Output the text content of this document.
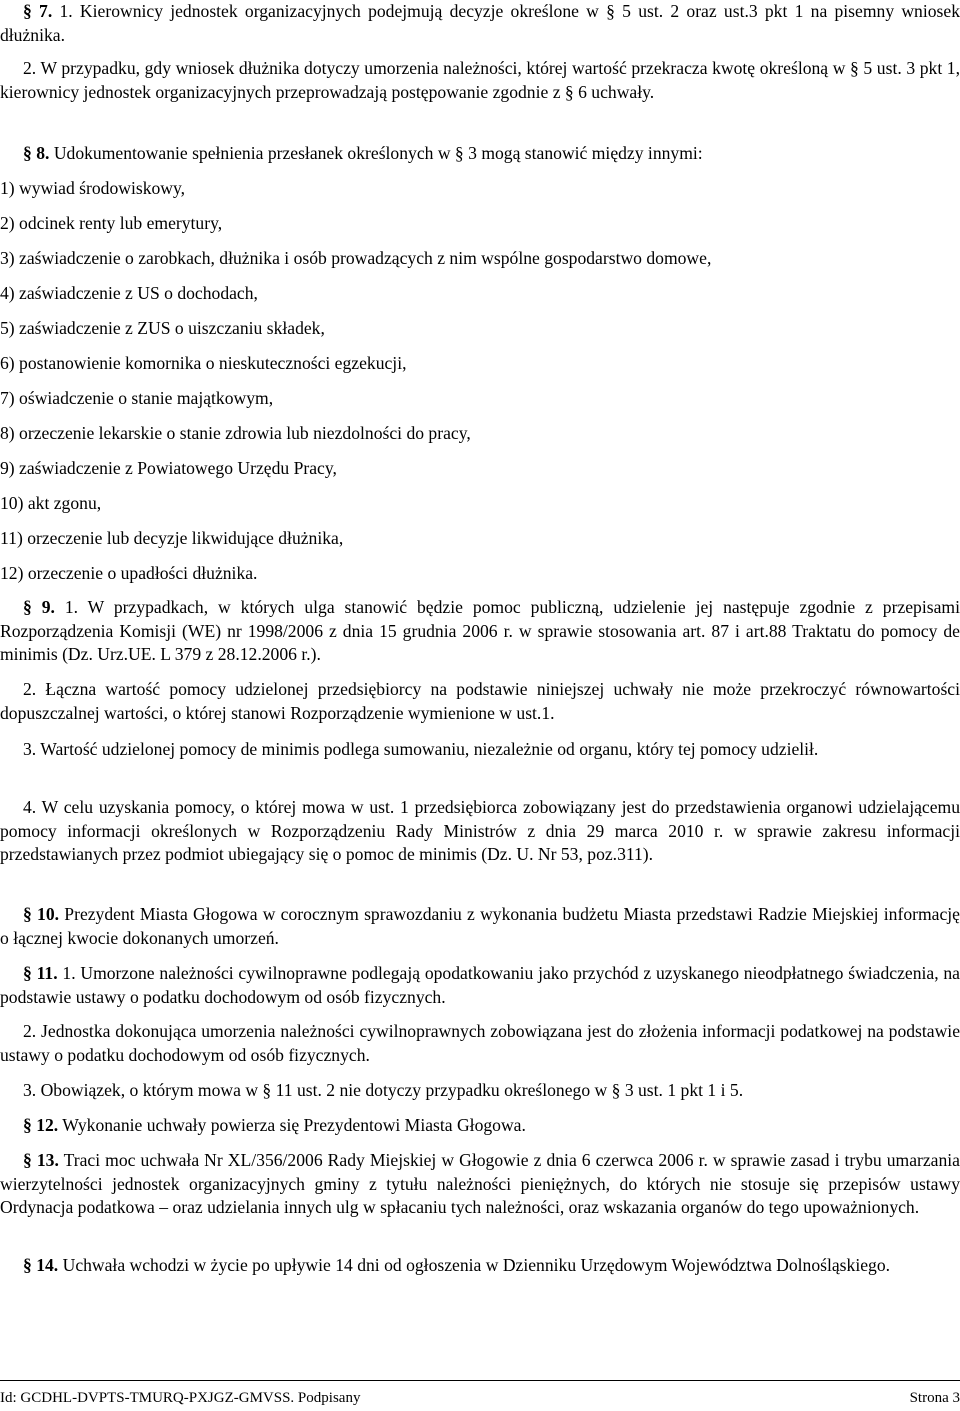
§ 7. 1. Kierownicy jednostek organizacyjnych podejmują decyzje określone w § 5 ust. 2 oraz ust.3 pkt 1 na pisemny wniosek dłużnika.

2. W przypadku, gdy wniosek dłużnika dotyczy umorzenia należności, której wartość przekracza kwotę określoną w § 5 ust. 3 pkt 1, kierownicy jednostek organizacyjnych przeprowadzają postępowanie zgodnie z § 6 uchwały.

§ 8. Udokumentowanie spełnienia przesłanek określonych w § 3 mogą stanowić między innymi:

1) wywiad środowiskowy,

2) odcinek renty lub emerytury,

3) zaświadczenie o zarobkach, dłużnika i osób prowadzących z nim wspólne gospodarstwo domowe,

4) zaświadczenie z US o dochodach,

5) zaświadczenie z ZUS o uiszczaniu składek,

6) postanowienie komornika o nieskuteczności egzekucji,

7) oświadczenie o stanie majątkowym,

8) orzeczenie lekarskie o stanie zdrowia lub niezdolności do pracy,

9) zaświadczenie z Powiatowego Urzędu Pracy,

10) akt zgonu,

11) orzeczenie lub decyzje likwidujące dłużnika,

12) orzeczenie o upadłości dłużnika.

§ 9. 1. W przypadkach, w których ulga stanowić będzie pomoc publiczną, udzielenie jej następuje zgodnie z przepisami Rozporządzenia Komisji (WE) nr 1998/2006 z dnia 15 grudnia 2006 r. w sprawie stosowania art. 87 i art.88 Traktatu do pomocy de minimis (Dz. Urz.UE. L 379 z 28.12.2006 r.).

2. Łączna wartość pomocy udzielonej przedsiębiorcy na podstawie niniejszej uchwały nie może przekroczyć równowartości dopuszczalnej wartości, o której stanowi Rozporządzenie wymienione w ust.1.

3. Wartość udzielonej pomocy de minimis podlega sumowaniu, niezależnie od organu, który tej pomocy udzielił.

4. W celu uzyskania pomocy, o której mowa w ust. 1 przedsiębiorca zobowiązany jest do przedstawienia organowi udzielającemu pomocy informacji określonych w Rozporządzeniu Rady Ministrów z dnia 29 marca 2010 r. w sprawie zakresu informacji przedstawianych przez podmiot ubiegający się o pomoc de minimis (Dz. U. Nr 53, poz.311).

§ 10. Prezydent Miasta Głogowa w corocznym sprawozdaniu z wykonania budżetu Miasta przedstawi Radzie Miejskiej informację o łącznej kwocie dokonanych umorzeń.

§ 11. 1. Umorzone należności cywilnoprawne podlegają opodatkowaniu jako przychód z uzyskanego nieodpłatnego świadczenia, na podstawie ustawy o podatku dochodowym od osób fizycznych.

2. Jednostka dokonująca umorzenia należności cywilnoprawnych zobowiązana jest do złożenia informacji podatkowej na podstawie ustawy o podatku dochodowym od osób fizycznych.

3. Obowiązek, o którym mowa w § 11 ust. 2 nie dotyczy przypadku określonego w § 3 ust. 1 pkt 1 i 5.

§ 12. Wykonanie uchwały powierza się Prezydentowi Miasta Głogowa.

§ 13. Traci moc uchwała Nr XL/356/2006 Rady Miejskiej w Głogowie z dnia 6 czerwca 2006 r. w sprawie zasad i trybu umarzania wierzytelności jednostek organizacyjnych gminy z tytułu należności pieniężnych, do których nie stosuje się przepisów ustawy Ordynacja podatkowa – oraz udzielania innych ulg w spłacaniu tych należności, oraz wskazania organów do tego upoważnionych.

§ 14. Uchwała wchodzi w życie po upływie 14 dni od ogłoszenia w Dzienniku Urzędowym Województwa Dolnośląskiego.

Id: GCDHL-DVPTS-TMURQ-PXJGZ-GMVSS. Podpisany	Strona 3
